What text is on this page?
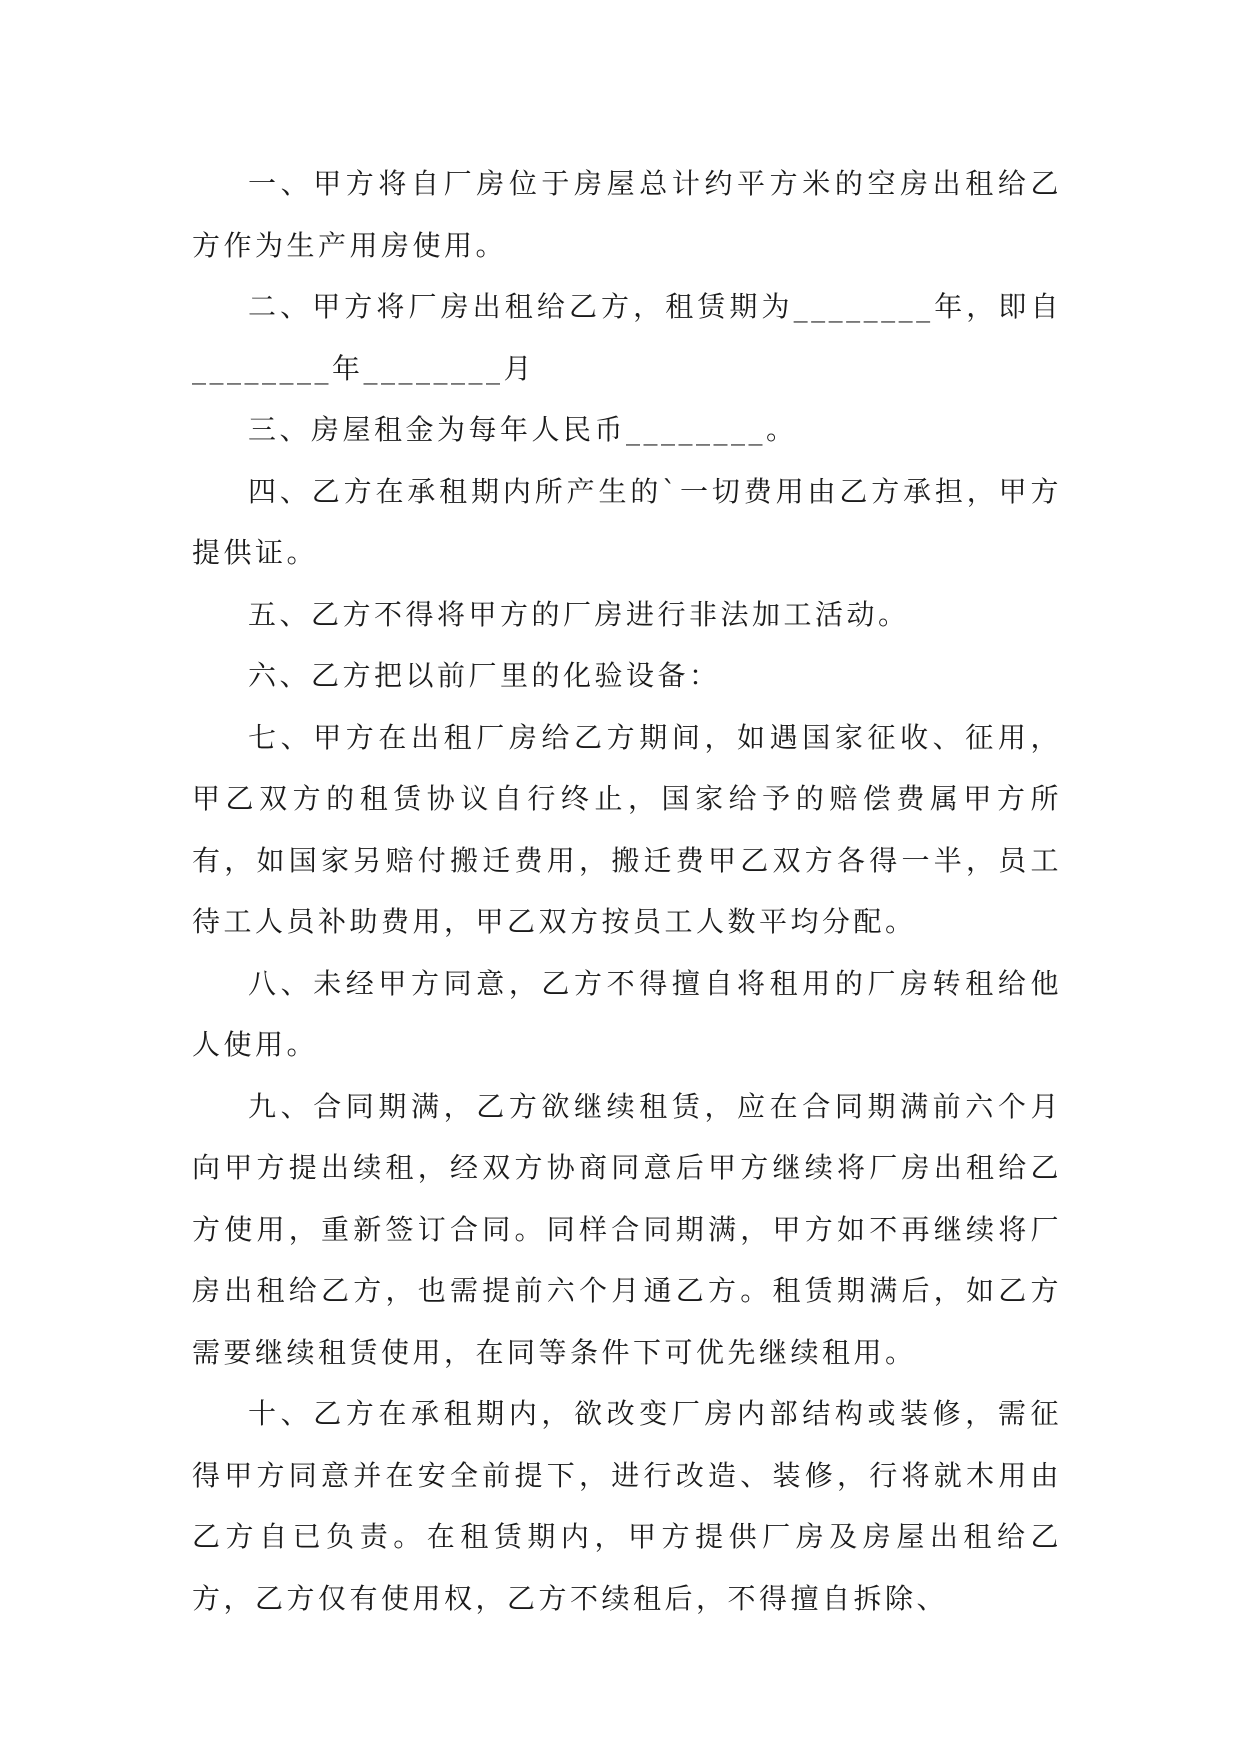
一、甲方将自厂房位于房屋总计约平方米的空房出租给乙方作为生产用房使用。

二、甲方将厂房出租给乙方，租赁期为________年，即自________年________月

三、房屋租金为每年人民币________。

四、乙方在承租期内所产生的`一切费用由乙方承担，甲方提供证。

五、乙方不得将甲方的厂房进行非法加工活动。

六、乙方把以前厂里的化验设备：

七、甲方在出租厂房给乙方期间，如遇国家征收、征用，甲乙双方的租赁协议自行终止，国家给予的赔偿费属甲方所有，如国家另赔付搬迁费用，搬迁费甲乙双方各得一半，员工待工人员补助费用，甲乙双方按员工人数平均分配。

八、未经甲方同意，乙方不得擅自将租用的厂房转租给他人使用。

九、合同期满，乙方欲继续租赁，应在合同期满前六个月向甲方提出续租，经双方协商同意后甲方继续将厂房出租给乙方使用，重新签订合同。同样合同期满，甲方如不再继续将厂房出租给乙方，也需提前六个月通乙方。租赁期满后，如乙方需要继续租赁使用，在同等条件下可优先继续租用。

十、乙方在承租期内，欲改变厂房内部结构或装修，需征得甲方同意并在安全前提下，进行改造、装修，行将就木用由乙方自已负责。在租赁期内，甲方提供厂房及房屋出租给乙方，乙方仅有使用权，乙方不续租后，不得擅自拆除、
